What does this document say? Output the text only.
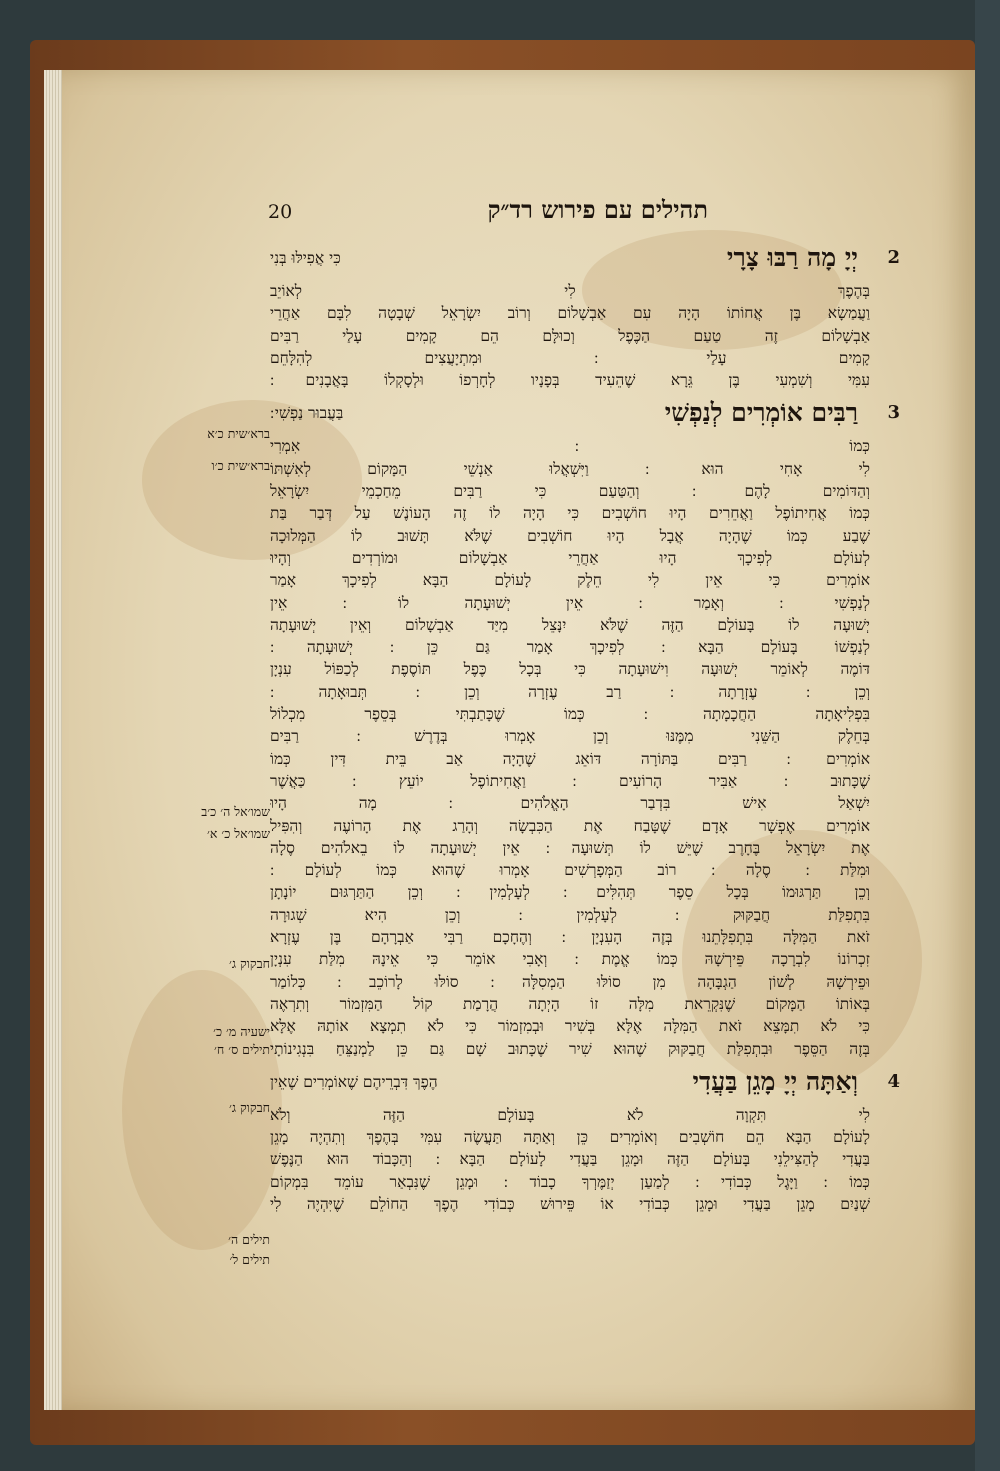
20	תהילים עם פירוש רד״ק
2
יְיָ מָה רַבּוּ צָרָי
כִּי אֲפִילּוּ בְּנִי
בְּהֶפֶךְ לִי לְאוֹיֵב
וַעֲמַשָׂא בֶּן אֲחוֹתוֹ הָיָה עִם אַבְשָׁלוֹם וְרוֹב יִשְׂרָאֵל שְׁבָטָה לִבָּם אַחֲרֵי
אַבְשָׁלוֹם זֶה טַעַם הַכֶּפֶל וְכוּלָּם הֵם קָמִים עָלַי רַבִּים
קָמִים עָלַי ׃ וּמִתְיָעֲצִים לְהִלָּחֵם
עִמִּי וְשִׁמְעִי בֶּן גֵּרָא שֶׁהֵעִיד בְּפָנָיו לְחָרְפוֹ וּלְסָקְלוֹ בָּאֲבָנִים ׃
3
רַבִּים אוֹמְרִים לְנַפְשִׁי
בַּעֲבוּר נַפְשִׁי ׃
כְּמוֹ ׃ אִמְרִי
לִי אָחִי הוּא ׃ וַיִּשְׁאֲלוּ אַנְשֵׁי הַמָּקוֹם לְאִשְׁתּוֹ
וְהַדּוֹמִים לָהֶם ׃ וְהַטַּעַם כִּי רַבִּים מֵחַכְמֵי יִשְׂרָאֵל
כְּמוֹ אֲחִיתוֹפֶל וַאֲחֵרִים הָיוּ חוֹשְׁבִים כִּי הָיָה לוֹ זֶה הָעוֹנֶשׁ עַל דְּבַר בַּת
שֶׁבַע כְּמוֹ שֶׁהָיָה אֲבָל הָיוּ חוֹשְׁבִים שֶׁלֹּא תָּשׁוּב לוֹ הַמְּלוּכָה
לְעוֹלָם לְפִיכָךְ הָיוּ אַחֲרֵי אַבְשָׁלוֹם וּמוֹרְדִים וְהָיוּ
אוֹמְרִים כִּי אֵין לִי חֵלֶק לָעוֹלָם הַבָּא לְפִיכָךְ אָמַר
לְנַפְשִׁי ׃ וְאָמַר ׃ אֵין יְשׁוּעָתָה לוֹ ׃ אֵין
יְשׁוּעָה לוֹ בָּעוֹלָם הַזֶּה שֶׁלֹּא יִנָּצֵל מִיַּד אַבְשָׁלוֹם וְאֵין יְשׁוּעָתָה
לְנַפְשׁוֹ בָּעוֹלָם הַבָּא ׃ לְפִיכָךְ אָמַר גַּם כֵּן ׃ יְשׁוּעָתָה ׃
דּוֹמֶה לְאוֹמֵר יְשׁוּעָה וִישׁוּעָתָה כִּי בְּכָל כֶּפֶל תּוֹסֶפֶת לְכַפּוֹל עִנְיָן
וְכֵן ׃ עֶזְרָתָה ׃ רַב עֶזְרָה וְכֵן ׃ תְּבוּאָתָה ׃
בִּפְלִיאָתָה הַחֲכָמָתָה ׃ כְּמוֹ שֶׁכָּתַבְתִּי בְּסֵפֶר מִכְלוֹל
בְּחֵלֶק הַשֵּׁנִי מִמֶּנּוּ וְכֵן אָמְרוּ בְּדֶרֶשׁ ׃ רַבִּים
אוֹמְרִים ׃ רַבִּים בַּתּוֹרָה דּוֹאֵג שֶׁהָיָה אַב בֵּית דִּין כְּמוֹ
שֶׁכָּתוּב ׃ אַבִּיר הָרוֹעִים ׃ וַאֲחִיתוֹפֶל יוֹעֵץ ׃ כַּאֲשֶׁר
יִשְׁאַל אִישׁ בִּדְבַר הָאֱלֹהִים ׃ מָה הָיוּ
אוֹמְרִים אֶפְשָׁר אָדָם שֶׁטָּבַח אֶת הַכִּבְשָׂה וְהָרַג אֶת הָרוֹעֶה וְהִפִּיל
אֶת יִשְׂרָאֵל בֶּחָרֶב שֶׁיֵּשׁ לוֹ תְּשׁוּעָה ׃ אֵין יְשׁוּעָתָה לוֹ בֵאלֹהִים סֶלָה
וּמִלַּת ׃ סֶלָה ׃ רוֹב הַמְּפָרְשִׁים אָמְרוּ שֶׁהוּא כְּמוֹ לְעוֹלָם ׃
וְכֵן תַּרְגּוּמוֹ בְּכָל סֵפֶר תְּהִלִּים ׃ לְעָלְמִין ׃ וְכֵן הַתַּרְגּוּם יוֹנָתָן
בִּתְפִלַּת חֲבַקּוּק ׃ לְעָלְמִין ׃ וְכֵן הִיא שְׁגוּרָה
זֹאת הַמִּלָּה בִּתְפִלָּתֵנוּ בְּזֶה הָעִנְיָן ׃ וְהֶחָכָם רַבִּי אַבְרָהָם בֶּן עֶזְרָא
זִכְרוֹנוֹ לִבְרָכָה פֵּירְשָׁהּ כְּמוֹ אֱמֶת ׃ וְאָבִי אוֹמֵר כִּי אֵינָהּ מִלַּת עִנְיָן
וּפֵירְשָׁהּ לְשׁוֹן הַגְבָּהָה מִן סוֹלּוּ הַמְסִלָּה ׃ סוֹלּוּ לָרוֹכֵב ׃ כְּלוֹמַר
בְּאוֹתוֹ הַמָּקוֹם שֶׁנִּקְרֵאת מִלָּה זוֹ הָיְתָה הֲרָמַת קוֹל הַמִּזְמוֹר וְתִרְאֶה
כִּי לֹא תִמָּצֵא זֹאת הַמִּלָּה אֶלָּא בְּשִׁיר וּבְמִזְמוֹר כִּי לֹא תִמְצָא אוֹתָהּ אֶלָּא
בְּזֶה הַסֵּפֶר וּבִתְפִלַּת חֲבַקּוּק שֶׁהוּא שִׁיר שֶׁכָּתוּב שָׁם גַּם כֵּן לַמְנַצֵּחַ בִּנְגִינוֹתָי
4
וְאַתָּה יְיָ מָגֵן בַּעֲדִי
הֶפֶךְ דִּבְרֵיהֶם שֶׁאוֹמְרִים שֶׁאֵין
לִי תִּקְוָה לֹא בָּעוֹלָם הַזֶּה וְלֹא
לָעוֹלָם הַבָּא הֵם חוֹשְׁבִים וְאוֹמְרִים כֵּן וְאַתָּה תַּעֲשֶׂה עִמִּי בְּהֶפֶךְ וְתִהְיֶה מָגֵן
בַּעֲדִי לְהַצִּילֵנִי בָּעוֹלָם הַזֶּה וּמָגֵן בַּעֲדִי לָעוֹלָם הַבָּא ׃ וְהַכָּבוֹד הוּא הַנֶּפֶשׁ
כְּמוֹ ׃ וַיָּגֶל כְּבוֹדִי ׃ לְמַעַן יְזַמֶּרְךָ כָבוֹד ׃ וּמָגֵן שֶׁנִּבְאַר עוֹמֵד בִּמְקוֹם
שְׁנַיִם מָגֵן בַּעֲדִי וּמָגֵן כְּבוֹדִי אוֹ פֵּירוּשׁ כְּבוֹדִי הֶפֶךְ הַחוֹלֵם שֶׁיִּהְיֶה לִי
ברא׳שית כ׳א
ברא׳שית כ׳ו
שמו׳אל ה׳ כ׳ב
שמו׳אל כ׳ א׳
חבקוק ג׳
ישעיה מ׳ כ׳
תילים ס׳ ח׳
חבקוק ג׳
תילים ה׳
תילים ל׳
